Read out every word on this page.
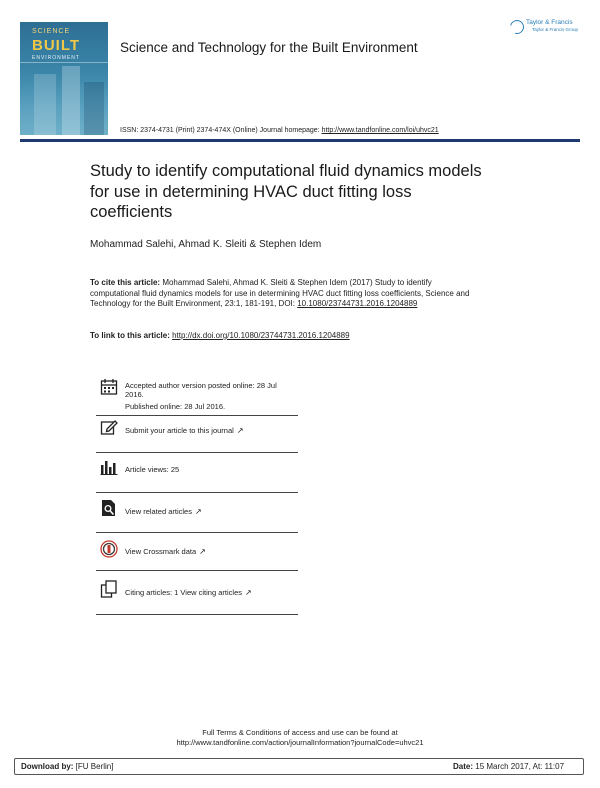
SCIENCE
BUILT
ENVIRONMENT
Science and Technology for the Built Environment
Taylor & Francis
Taylor & Francis Group
ISSN: 2374-4731 (Print) 2374-474X (Online) Journal homepage: http://www.tandfonline.com/loi/uhvc21
Study to identify computational fluid dynamics models for use in determining HVAC duct fitting loss coefficients
Mohammad Salehi, Ahmad K. Sleiti & Stephen Idem
To cite this article: Mohammad Salehi, Ahmad K. Sleiti & Stephen Idem (2017) Study to identify computational fluid dynamics models for use in determining HVAC duct fitting loss coefficients, Science and Technology for the Built Environment, 23:1, 181-191, DOI: 10.1080/23744731.2016.1204889
To link to this article: http://dx.doi.org/10.1080/23744731.2016.1204889
Accepted author version posted online: 28 Jul 2016.
Published online: 28 Jul 2016.
Submit your article to this journal ↗
Article views: 25
View related articles ↗
View Crossmark data ↗
Citing articles: 1 View citing articles ↗
Full Terms & Conditions of access and use can be found at
http://www.tandfonline.com/action/journalInformation?journalCode=uhvc21
Download by: [FU Berlin]	Date: 15 March 2017, At: 11:07
